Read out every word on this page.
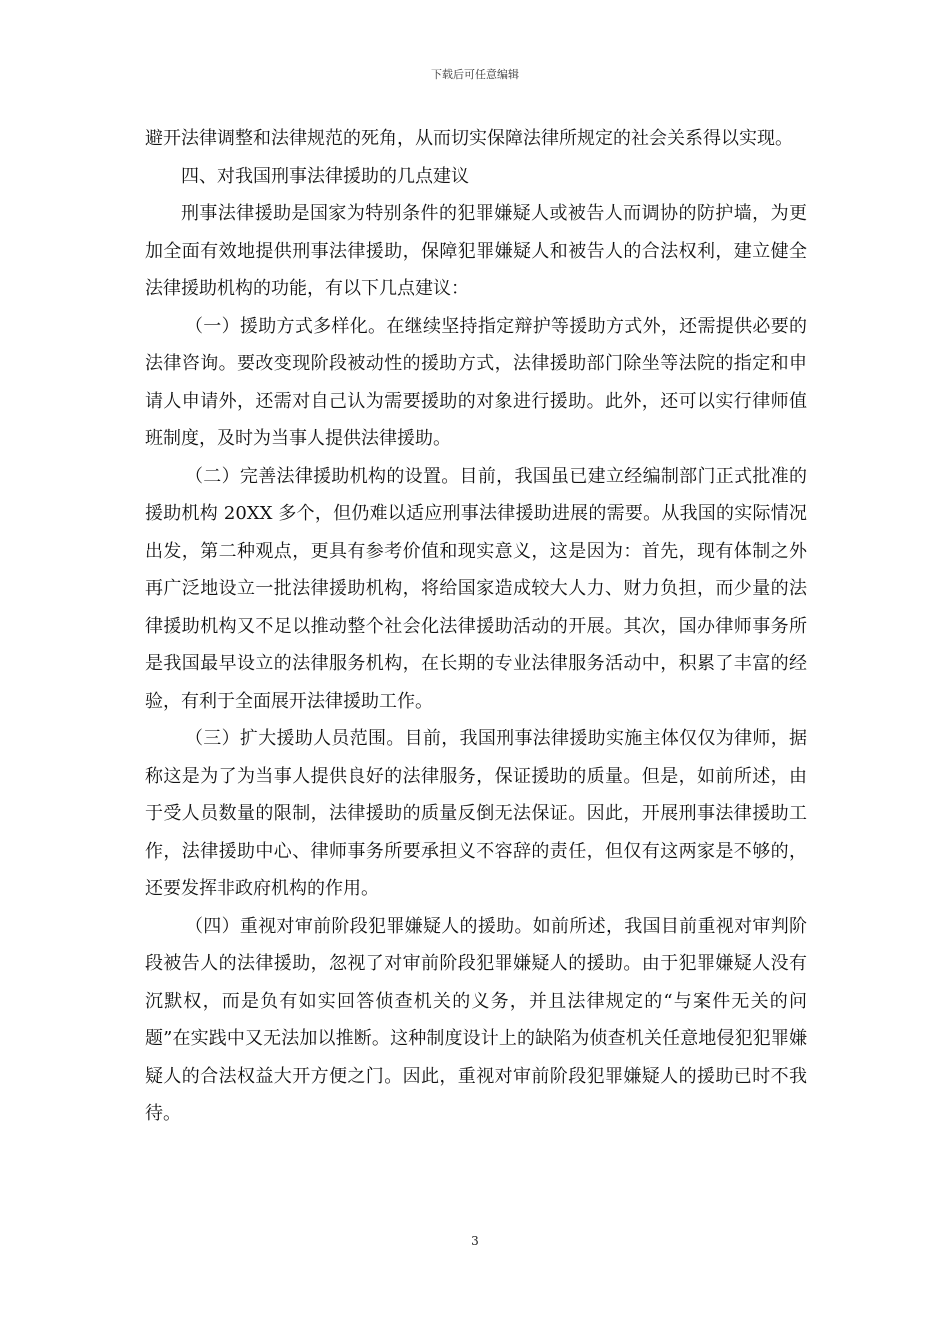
下载后可任意编辑

避开法律调整和法律规范的死角，从而切实保障法律所规定的社会关系得以实现。

四、对我国刑事法律援助的几点建议

刑事法律援助是国家为特别条件的犯罪嫌疑人或被告人而调协的防护墙，为更加全面有效地提供刑事法律援助，保障犯罪嫌疑人和被告人的合法权利，建立健全法律援助机构的功能，有以下几点建议：

（一）援助方式多样化。在继续坚持指定辩护等援助方式外，还需提供必要的法律咨询。要改变现阶段被动性的援助方式，法律援助部门除坐等法院的指定和申请人申请外，还需对自己认为需要援助的对象进行援助。此外，还可以实行律师值班制度，及时为当事人提供法律援助。

（二）完善法律援助机构的设置。目前，我国虽已建立经编制部门正式批准的援助机构 20XX 多个，但仍难以适应刑事法律援助进展的需要。从我国的实际情况出发，第二种观点，更具有参考价值和现实意义，这是因为：首先，现有体制之外再广泛地设立一批法律援助机构，将给国家造成较大人力、财力负担，而少量的法律援助机构又不足以推动整个社会化法律援助活动的开展。其次，国办律师事务所是我国最早设立的法律服务机构，在长期的专业法律服务活动中，积累了丰富的经验，有利于全面展开法律援助工作。

（三）扩大援助人员范围。目前，我国刑事法律援助实施主体仅仅为律师，据称这是为了为当事人提供良好的法律服务，保证援助的质量。但是，如前所述，由于受人员数量的限制，法律援助的质量反倒无法保证。因此，开展刑事法律援助工作，法律援助中心、律师事务所要承担义不容辞的责任，但仅有这两家是不够的，还要发挥非政府机构的作用。

（四）重视对审前阶段犯罪嫌疑人的援助。如前所述，我国目前重视对审判阶段被告人的法律援助，忽视了对审前阶段犯罪嫌疑人的援助。由于犯罪嫌疑人没有沉默权，而是负有如实回答侦查机关的义务，并且法律规定的“与案件无关的问题”在实践中又无法加以推断。这种制度设计上的缺陷为侦查机关任意地侵犯犯罪嫌疑人的合法权益大开方便之门。因此，重视对审前阶段犯罪嫌疑人的援助已时不我待。

3
